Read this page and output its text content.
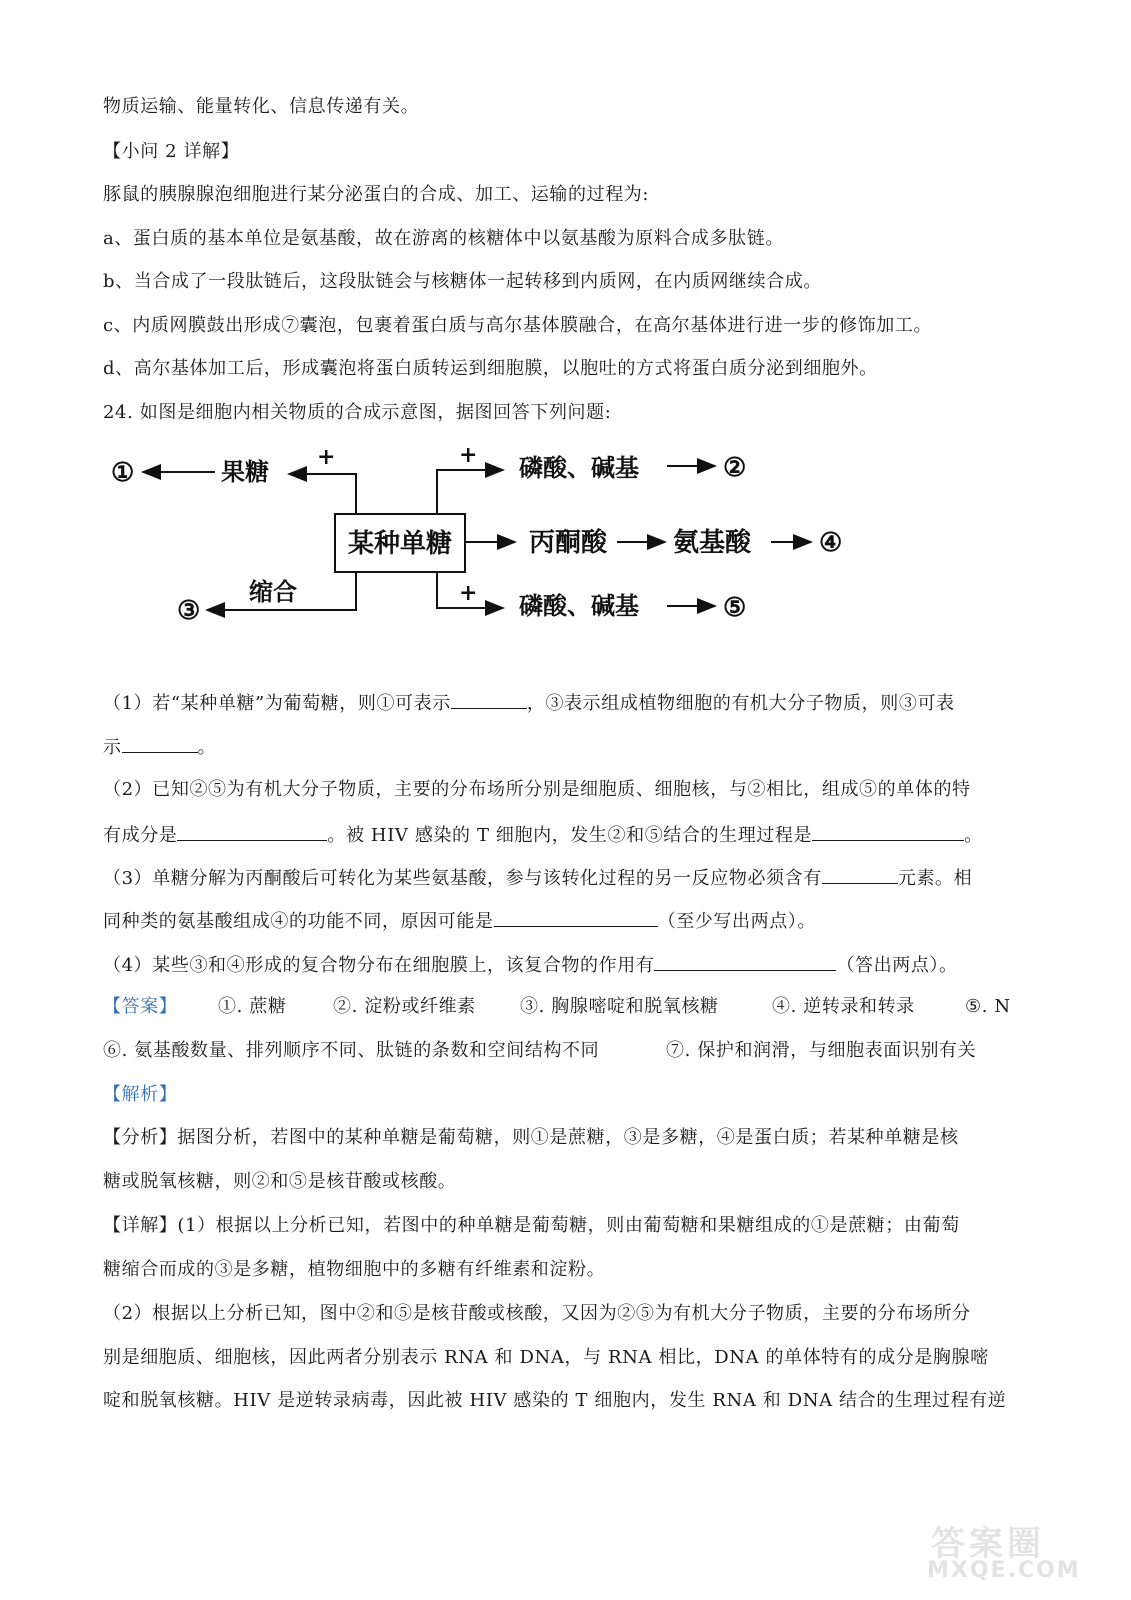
物质运输、能量转化、信息传递有关。
【小问 2 详解】
豚鼠的胰腺腺泡细胞进行某分泌蛋白的合成、加工、运输的过程为:
a、蛋白质的基本单位是氨基酸，故在游离的核糖体中以氨基酸为原料合成多肽链。
b、当合成了一段肽链后，这段肽链会与核糖体一起转移到内质网，在内质网继续合成。
c、内质网膜鼓出形成⑦囊泡，包裹着蛋白质与高尔基体膜融合，在高尔基体进行进一步的修饰加工。
d、高尔基体加工后，形成囊泡将蛋白质转运到细胞膜，以胞吐的方式将蛋白质分泌到细胞外。
24. 如图是细胞内相关物质的合成示意图，据图回答下列问题:
某种单糖
+
果糖
①
缩合
③
+ 磷酸、碱基	②
丙酮酸	氨基酸	④
+ 磷酸、碱基	⑤
（1）若“某种单糖”为葡萄糖，则①可表示	，③表示组成植物细胞的有机大分子物质，则③可表
示	。
（2）已知②⑤为有机大分子物质，主要的分布场所分别是细胞质、细胞核，与②相比，组成⑤的单体的特
有成分是	。被 HIV 感染的 T 细胞内，发生②和⑤结合的生理过程是	。
（3）单糖分解为丙酮酸后可转化为某些氨基酸，参与该转化过程的另一反应物必须含有	元素。相
同种类的氨基酸组成④的功能不同，原因可能是	（至少写出两点）。
（4）某些③和④形成的复合物分布在细胞膜上，该复合物的作用有	（答出两点）。
【答案】 ①. 蔗糖	②. 淀粉或纤维素 ③. 胸腺嘧啶和脱氧核糖	④. 逆转录和转录	⑤. N
⑥. 氨基酸数量、排列顺序不同、肽链的条数和空间结构不同	⑦. 保护和润滑，与细胞表面识别有关
【解析】
【分析】据图分析，若图中的某种单糖是葡萄糖，则①是蔗糖，③是多糖，④是蛋白质；若某种单糖是核
糖或脱氧核糖，则②和⑤是核苷酸或核酸。
【详解】(1）根据以上分析已知，若图中的种单糖是葡萄糖，则由葡萄糖和果糖组成的①是蔗糖；由葡萄
糖缩合而成的③是多糖，植物细胞中的多糖有纤维素和淀粉。
（2）根据以上分析已知，图中②和⑤是核苷酸或核酸，又因为②⑤为有机大分子物质，主要的分布场所分
别是细胞质、细胞核，因此两者分别表示 RNA 和 DNA，与 RNA 相比，DNA 的单体特有的成分是胸腺嘧
啶和脱氧核糖。HIV 是逆转录病毒，因此被 HIV 感染的 T 细胞内，发生 RNA 和 DNA 结合的生理过程有逆
答案圈
MXQE.COM
